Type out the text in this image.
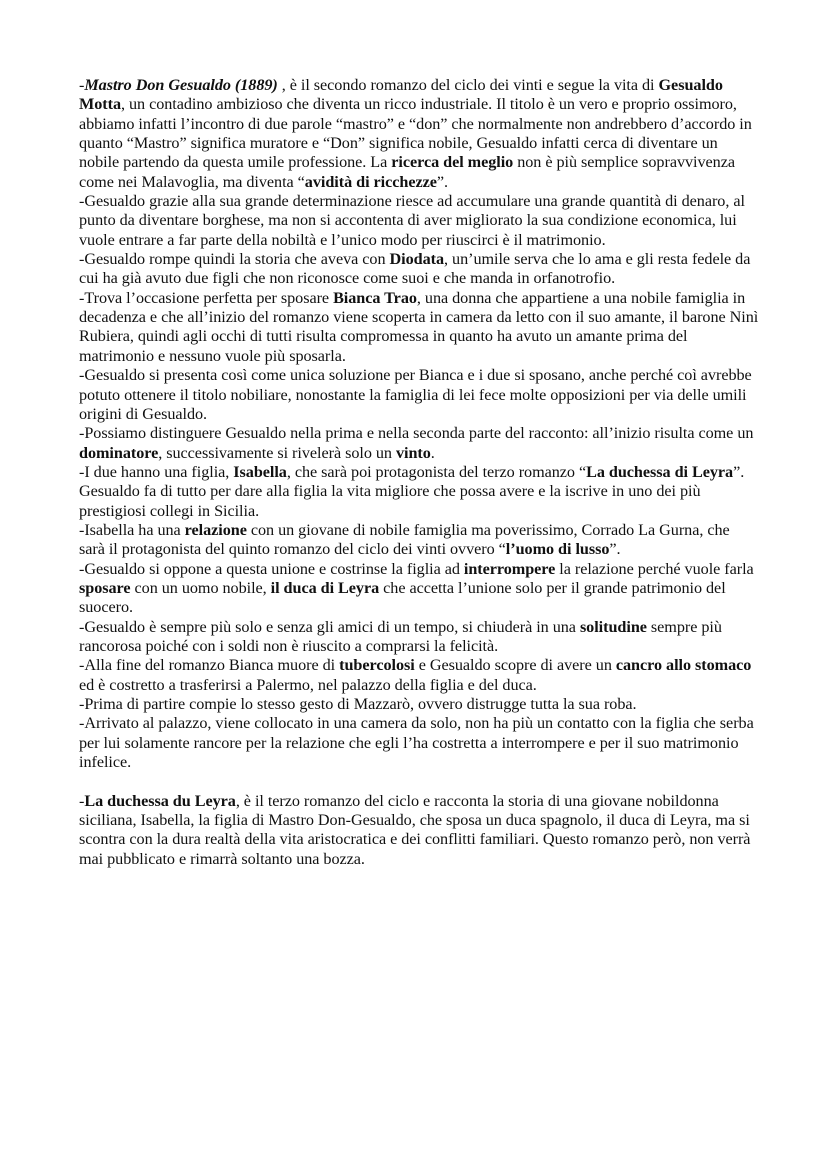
-Mastro Don Gesualdo (1889) , è il secondo romanzo del ciclo dei vinti e segue la vita di Gesualdo Motta, un contadino ambizioso che diventa un ricco industriale. Il titolo è un vero e proprio ossimoro, abbiamo infatti l’incontro di due parole “mastro” e “don” che normalmente non andrebbero d’accordo in quanto “Mastro” significa muratore e “Don” significa nobile, Gesualdo infatti cerca di diventare un nobile partendo da questa umile professione. La ricerca del meglio non è più semplice sopravvivenza come nei Malavoglia, ma diventa “avidità di ricchezze”.

-Gesualdo grazie alla sua grande determinazione riesce ad accumulare una grande quantità di denaro, al punto da diventare borghese, ma non si accontenta di aver migliorato la sua condizione economica, lui vuole entrare a far parte della nobiltà e l’unico modo per riuscirci è il matrimonio.

-Gesualdo rompe quindi la storia che aveva con Diodata, un’umile serva che lo ama e gli resta fedele da cui ha già avuto due figli che non riconosce come suoi e che manda in orfanotrofio.

-Trova l’occasione perfetta per sposare Bianca Trao, una donna che appartiene a una nobile famiglia in decadenza e che all’inizio del romanzo viene scoperta in camera da letto con il suo amante, il barone Ninì Rubiera, quindi agli occhi di tutti risulta compromessa in quanto ha avuto un amante prima del matrimonio e nessuno vuole più sposarla.

-Gesualdo si presenta così come unica soluzione per Bianca e i due si sposano, anche perché coì avrebbe potuto ottenere il titolo nobiliare, nonostante la famiglia di lei fece molte opposizioni per via delle umili origini di Gesualdo.

-Possiamo distinguere Gesualdo nella prima e nella seconda parte del racconto: all’inizio risulta come un dominatore, successivamente si rivelerà solo un vinto.

-I due hanno una figlia, Isabella, che sarà poi protagonista del terzo romanzo “La duchessa di Leyra”. Gesualdo fa di tutto per dare alla figlia la vita migliore che possa avere e la iscrive in uno dei più prestigiosi collegi in Sicilia.

-Isabella ha una relazione con un giovane di nobile famiglia ma poverissimo, Corrado La Gurna, che sarà il protagonista del quinto romanzo del ciclo dei vinti ovvero “l’uomo di lusso”.

-Gesualdo si oppone a questa unione e costrinse la figlia ad interrompere la relazione perché vuole farla sposare con un uomo nobile, il duca di Leyra che accetta l’unione solo per il grande patrimonio del suocero.

-Gesualdo è sempre più solo e senza gli amici di un tempo, si chiuderà in una solitudine sempre più rancorosa poiché con i soldi non è riuscito a comprarsi la felicità.

-Alla fine del romanzo Bianca muore di tubercolosi e Gesualdo scopre di avere un cancro allo stomaco ed è costretto a trasferirsi a Palermo, nel palazzo della figlia e del duca.

-Prima di partire compie lo stesso gesto di Mazzarò, ovvero distrugge tutta la sua roba.

-Arrivato al palazzo, viene collocato in una camera da solo, non ha più un contatto con la figlia che serba per lui solamente rancore per la relazione che egli l’ha costretta a interrompere e per il suo matrimonio infelice.

-La duchessa du Leyra, è il terzo romanzo del ciclo e racconta la storia di una giovane nobildonna siciliana, Isabella, la figlia di Mastro Don-Gesualdo, che sposa un duca spagnolo, il duca di Leyra, ma si scontra con la dura realtà della vita aristocratica e dei conflitti familiari. Questo romanzo però, non verrà mai pubblicato e rimarrà soltanto una bozza.
